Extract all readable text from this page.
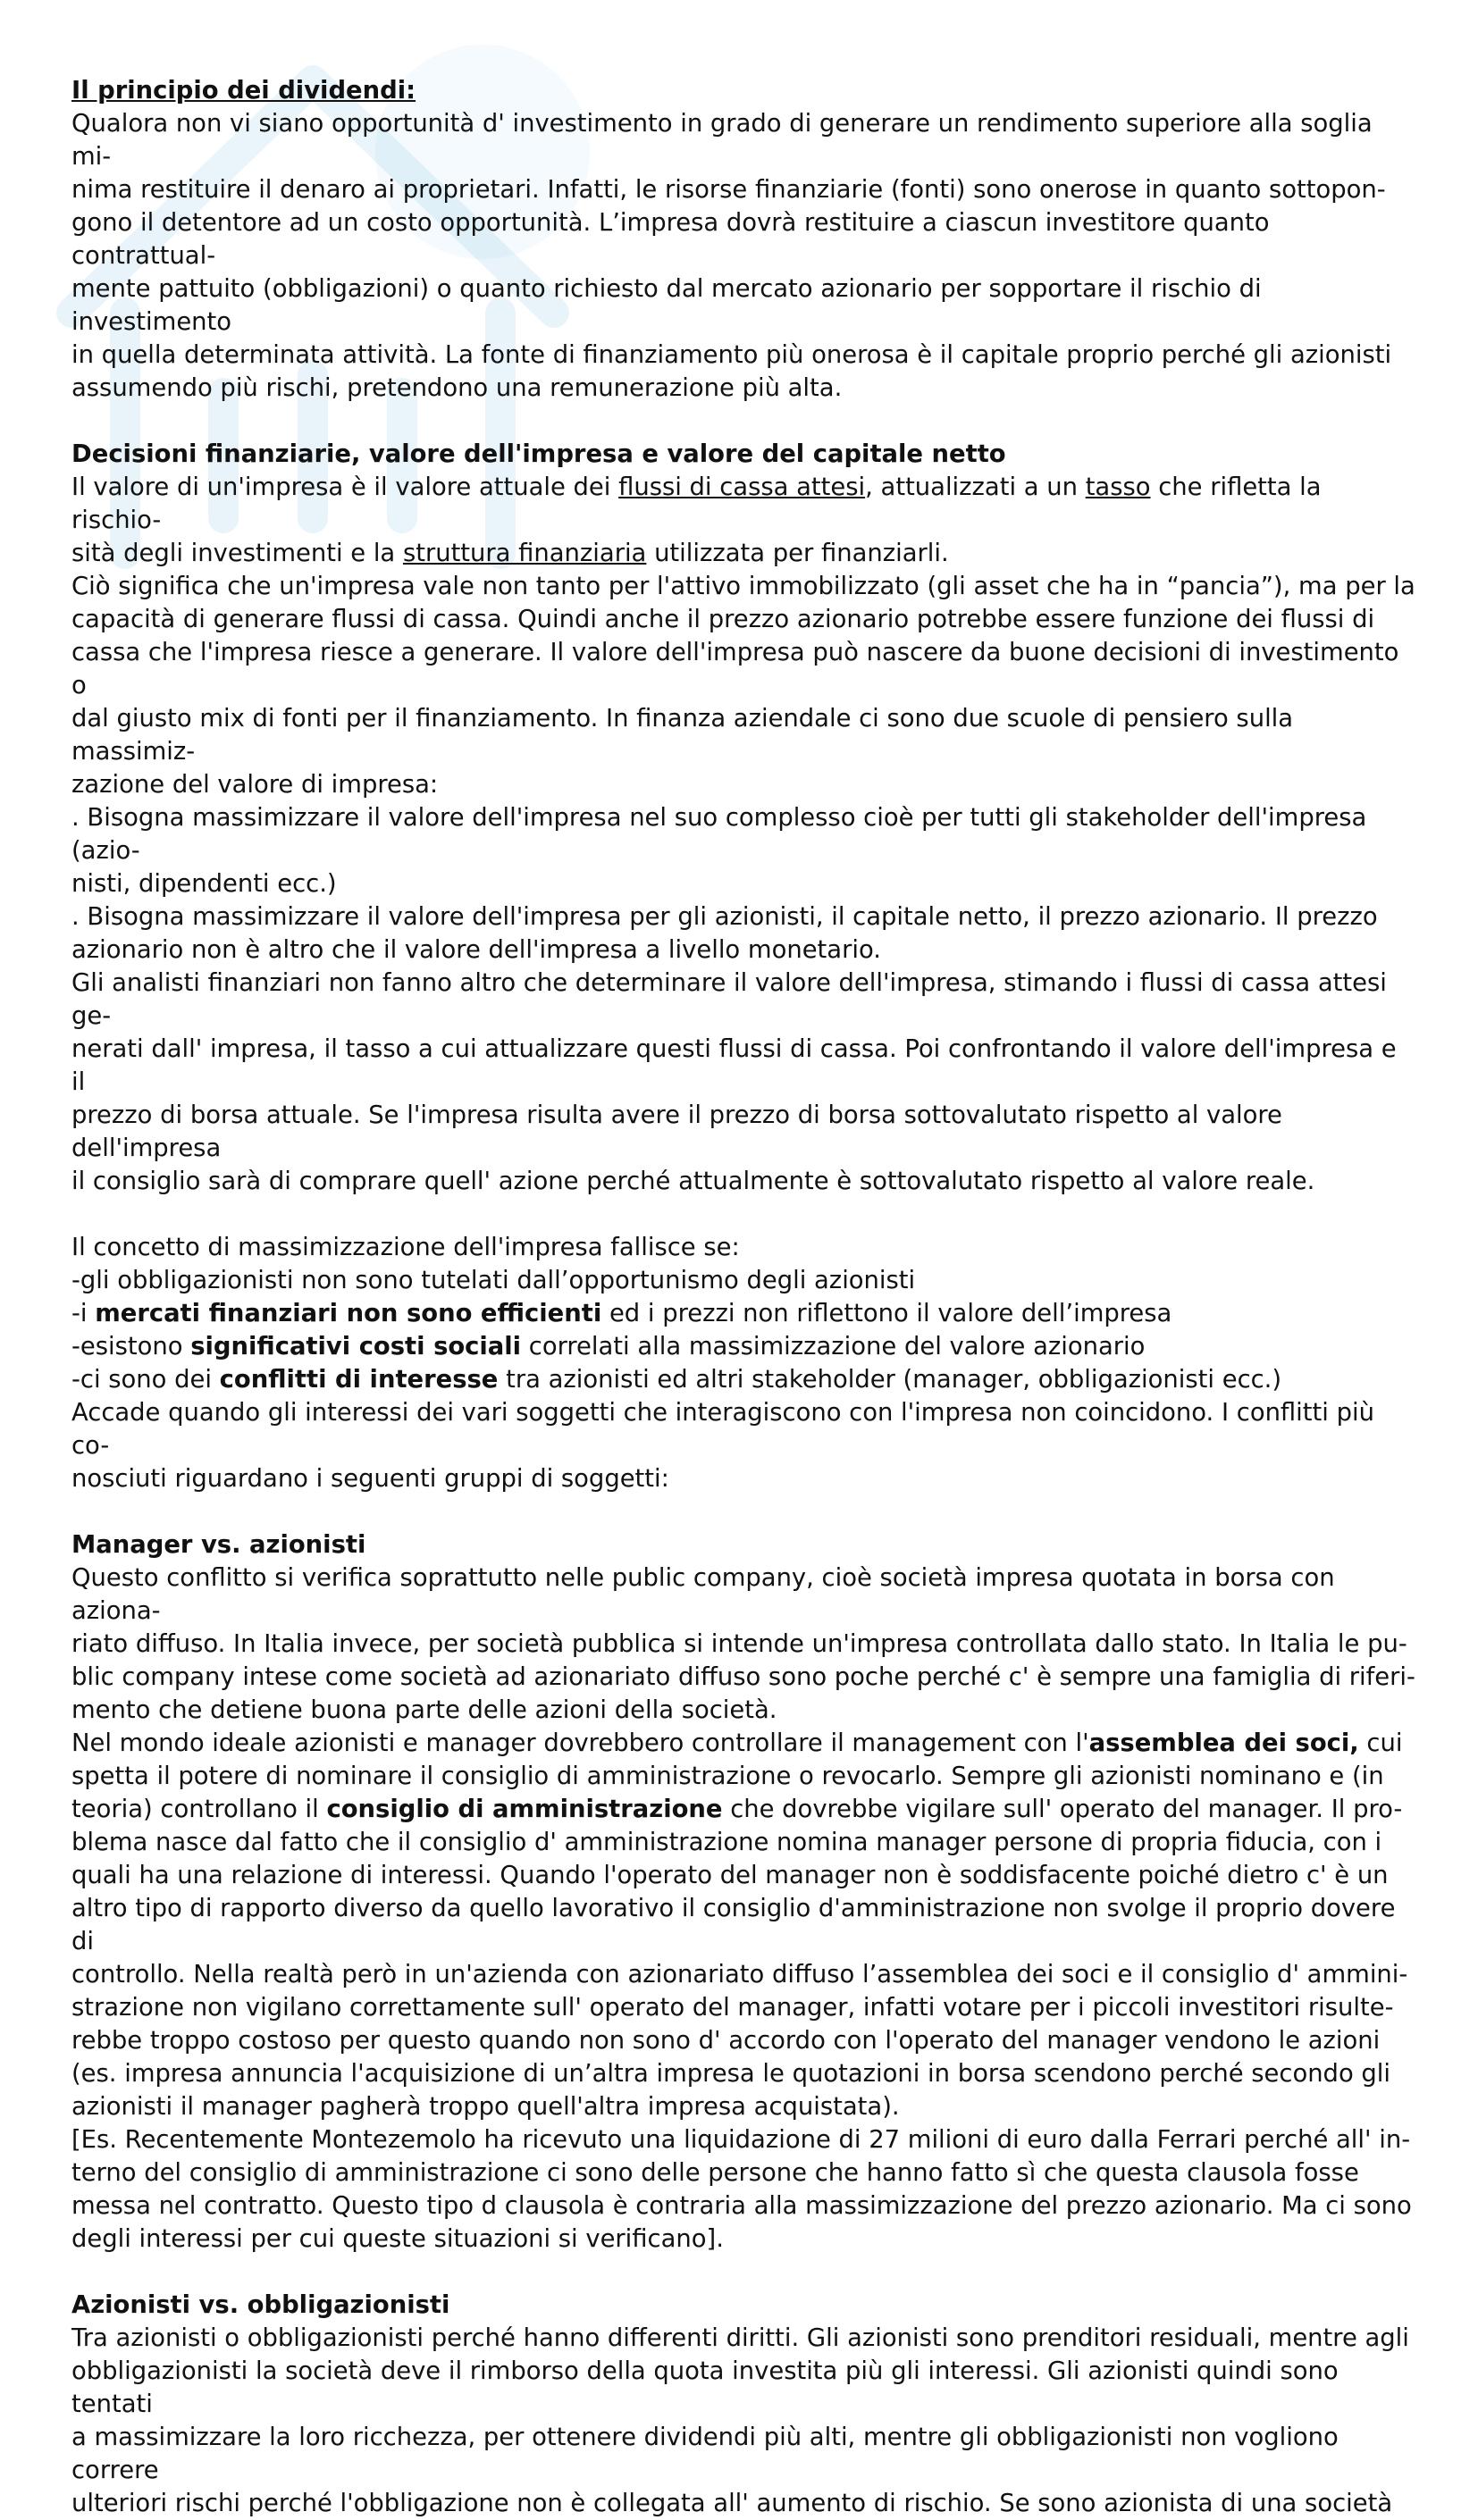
Il principio dei dividendi:

Qualora non vi siano opportunità d' investimento in grado di generare un rendimento superiore alla soglia mi-

nima restituire il denaro ai proprietari. Infatti, le risorse finanziarie (fonti) sono onerose in quanto sottopon-

gono il detentore ad un costo opportunità. L’impresa dovrà restituire a ciascun investitore quanto contrattual-

mente pattuito (obbligazioni) o quanto richiesto dal mercato azionario per sopportare il rischio di investimento

in quella determinata attività. La fonte di finanziamento più onerosa è il capitale proprio perché gli azionisti

assumendo più rischi, pretendono una remunerazione più alta.

Decisioni finanziarie, valore dell'impresa e valore del capitale netto

Il valore di un'impresa è il valore attuale dei flussi di cassa attesi, attualizzati a un tasso che rifletta la rischio-

sità degli investimenti e la struttura finanziaria utilizzata per finanziarli.

Ciò significa che un'impresa vale non tanto per l'attivo immobilizzato (gli asset che ha in “pancia”), ma per la

capacità di generare flussi di cassa. Quindi anche il prezzo azionario potrebbe essere funzione dei flussi di

cassa che l'impresa riesce a generare. Il valore dell'impresa può nascere da buone decisioni di investimento o

dal giusto mix di fonti per il finanziamento. In finanza aziendale ci sono due scuole di pensiero sulla massimiz-

zazione del valore di impresa:

. Bisogna massimizzare il valore dell'impresa nel suo complesso cioè per tutti gli stakeholder dell'impresa (azio-

nisti, dipendenti ecc.)

. Bisogna massimizzare il valore dell'impresa per gli azionisti, il capitale netto, il prezzo azionario. Il prezzo

azionario non è altro che il valore dell'impresa a livello monetario.

Gli analisti finanziari non fanno altro che determinare il valore dell'impresa, stimando i flussi di cassa attesi ge-

nerati dall' impresa, il tasso a cui attualizzare questi flussi di cassa. Poi confrontando il valore dell'impresa e il

prezzo di borsa attuale. Se l'impresa risulta avere il prezzo di borsa sottovalutato rispetto al valore dell'impresa

il consiglio sarà di comprare quell' azione perché attualmente è sottovalutato rispetto al valore reale.

Il concetto di massimizzazione dell'impresa fallisce se:

-gli obbligazionisti non sono tutelati dall’opportunismo degli azionisti

-i mercati finanziari non sono efficienti ed i prezzi non riflettono il valore dell’impresa

-esistono significativi costi sociali correlati alla massimizzazione del valore azionario

-ci sono dei conflitti di interesse tra azionisti ed altri stakeholder (manager, obbligazionisti ecc.)

Accade quando gli interessi dei vari soggetti che interagiscono con l'impresa non coincidono. I conflitti più co-

nosciuti riguardano i seguenti gruppi di soggetti:

Manager vs. azionisti

Questo conflitto si verifica soprattutto nelle public company, cioè società impresa quotata in borsa con aziona-

riato diffuso. In Italia invece, per società pubblica si intende un'impresa controllata dallo stato. In Italia le pu-

blic company intese come società ad azionariato diffuso sono poche perché c' è sempre una famiglia di riferi-

mento che detiene buona parte delle azioni della società.

Nel mondo ideale azionisti e manager dovrebbero controllare il management con l'assemblea dei soci, cui

spetta il potere di nominare il consiglio di amministrazione o revocarlo. Sempre gli azionisti nominano e (in

teoria) controllano il consiglio di amministrazione che dovrebbe vigilare sull' operato del manager. Il pro-

blema nasce dal fatto che il consiglio d' amministrazione nomina manager persone di propria fiducia, con i

quali ha una relazione di interessi. Quando l'operato del manager non è soddisfacente poiché dietro c' è un

altro tipo di rapporto diverso da quello lavorativo il consiglio d'amministrazione non svolge il proprio dovere di

controllo. Nella realtà però in un'azienda con azionariato diffuso l’assemblea dei soci e il consiglio d' ammini-

strazione non vigilano correttamente sull' operato del manager, infatti votare per i piccoli investitori risulte-

rebbe troppo costoso per questo quando non sono d' accordo con l'operato del manager vendono le azioni

(es. impresa annuncia l'acquisizione di un’altra impresa le quotazioni in borsa scendono perché secondo gli

azionisti il manager pagherà troppo quell'altra impresa acquistata).

[Es. Recentemente Montezemolo ha ricevuto una liquidazione di 27 milioni di euro dalla Ferrari perché all' in-

terno del consiglio di amministrazione ci sono delle persone che hanno fatto sì che questa clausola fosse

messa nel contratto. Questo tipo d clausola è contraria alla massimizzazione del prezzo azionario. Ma ci sono

degli interessi per cui queste situazioni si verificano].

Azionisti vs. obbligazionisti

Tra azionisti o obbligazionisti perché hanno differenti diritti. Gli azionisti sono prenditori residuali, mentre agli

obbligazionisti la società deve il rimborso della quota investita più gli interessi. Gli azionisti quindi sono tentati

a massimizzare la loro ricchezza, per ottenere dividendi più alti, mentre gli obbligazionisti non vogliono correre

ulteriori rischi perché l'obbligazione non è collegata all' aumento di rischio. Se sono azionista di una società
